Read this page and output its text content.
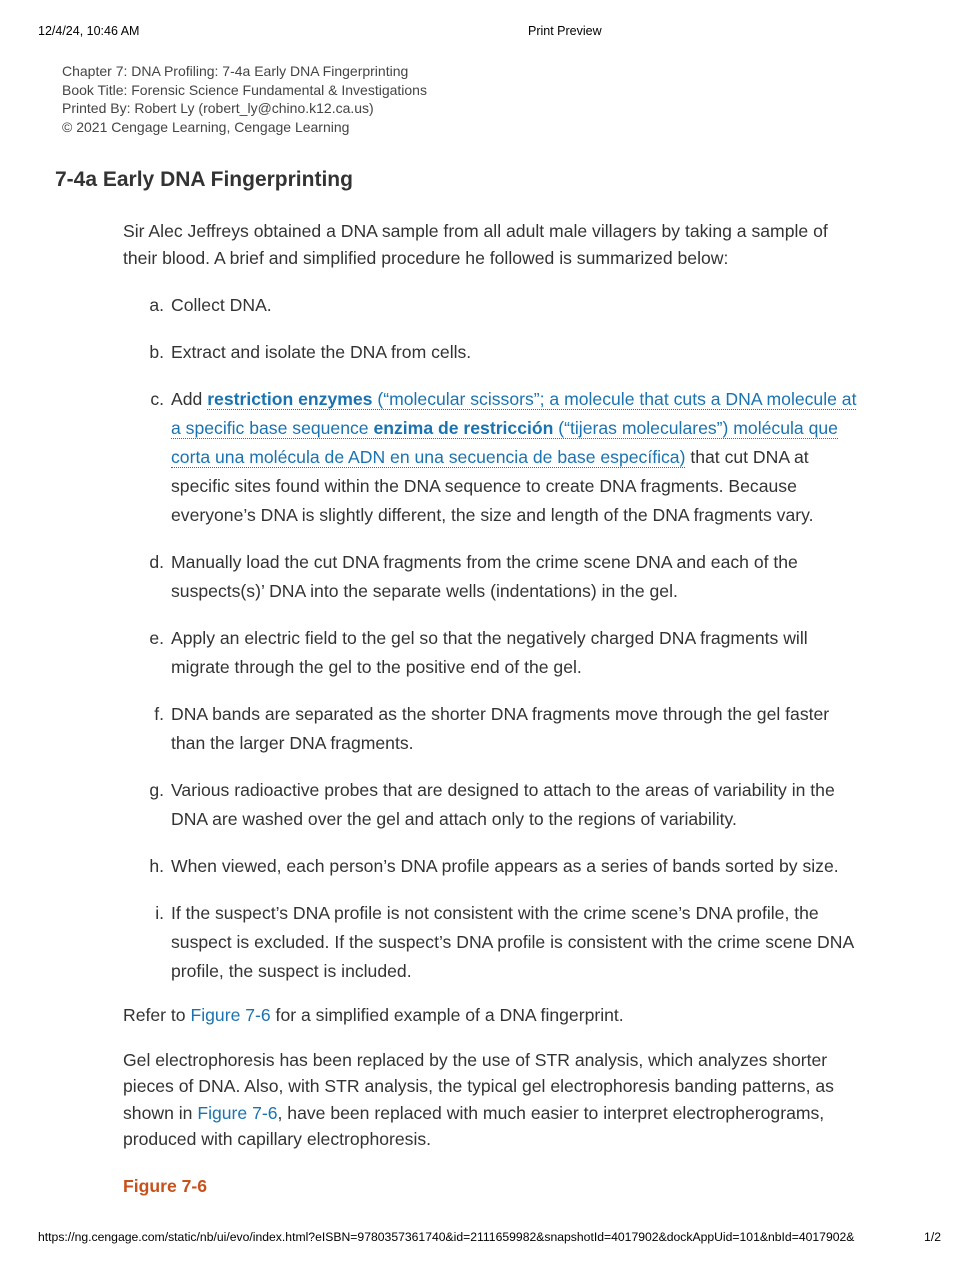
12/4/24, 10:46 AM	Print Preview
Chapter 7: DNA Profiling: 7-4a Early DNA Fingerprinting
Book Title: Forensic Science Fundamental & Investigations
Printed By: Robert Ly (robert_ly@chino.k12.ca.us)
© 2021 Cengage Learning, Cengage Learning
7-4a Early DNA Fingerprinting

Sir Alec Jeffreys obtained a DNA sample from all adult male villagers by taking a sample of their blood. A brief and simplified procedure he followed is summarized below:

a. Collect DNA.
b. Extract and isolate the DNA from cells.
c. Add restriction enzymes (“molecular scissors”; a molecule that cuts a DNA molecule at a specific base sequence enzima de restricción (“tijeras moleculares”) molécula que corta una molécula de ADN en una secuencia de base específica) that cut DNA at specific sites found within the DNA sequence to create DNA fragments. Because everyone’s DNA is slightly different, the size and length of the DNA fragments vary.
d. Manually load the cut DNA fragments from the crime scene DNA and each of the suspects(s)’ DNA into the separate wells (indentations) in the gel.
e. Apply an electric field to the gel so that the negatively charged DNA fragments will migrate through the gel to the positive end of the gel.
f. DNA bands are separated as the shorter DNA fragments move through the gel faster than the larger DNA fragments.
g. Various radioactive probes that are designed to attach to the areas of variability in the DNA are washed over the gel and attach only to the regions of variability.
h. When viewed, each person’s DNA profile appears as a series of bands sorted by size.
i. If the suspect’s DNA profile is not consistent with the crime scene’s DNA profile, the suspect is excluded. If the suspect’s DNA profile is consistent with the crime scene DNA profile, the suspect is included.

Refer to Figure 7-6 for a simplified example of a DNA fingerprint.

Gel electrophoresis has been replaced by the use of STR analysis, which analyzes shorter pieces of DNA. Also, with STR analysis, the typical gel electrophoresis banding patterns, as shown in Figure 7-6, have been replaced with much easier to interpret electropherograms, produced with capillary electrophoresis.

Figure 7-6
https://ng.cengage.com/static/nb/ui/evo/index.html?eISBN=9780357361740&id=2111659982&snapshotId=4017902&dockAppUid=101&nbId=4017902&	1/2
